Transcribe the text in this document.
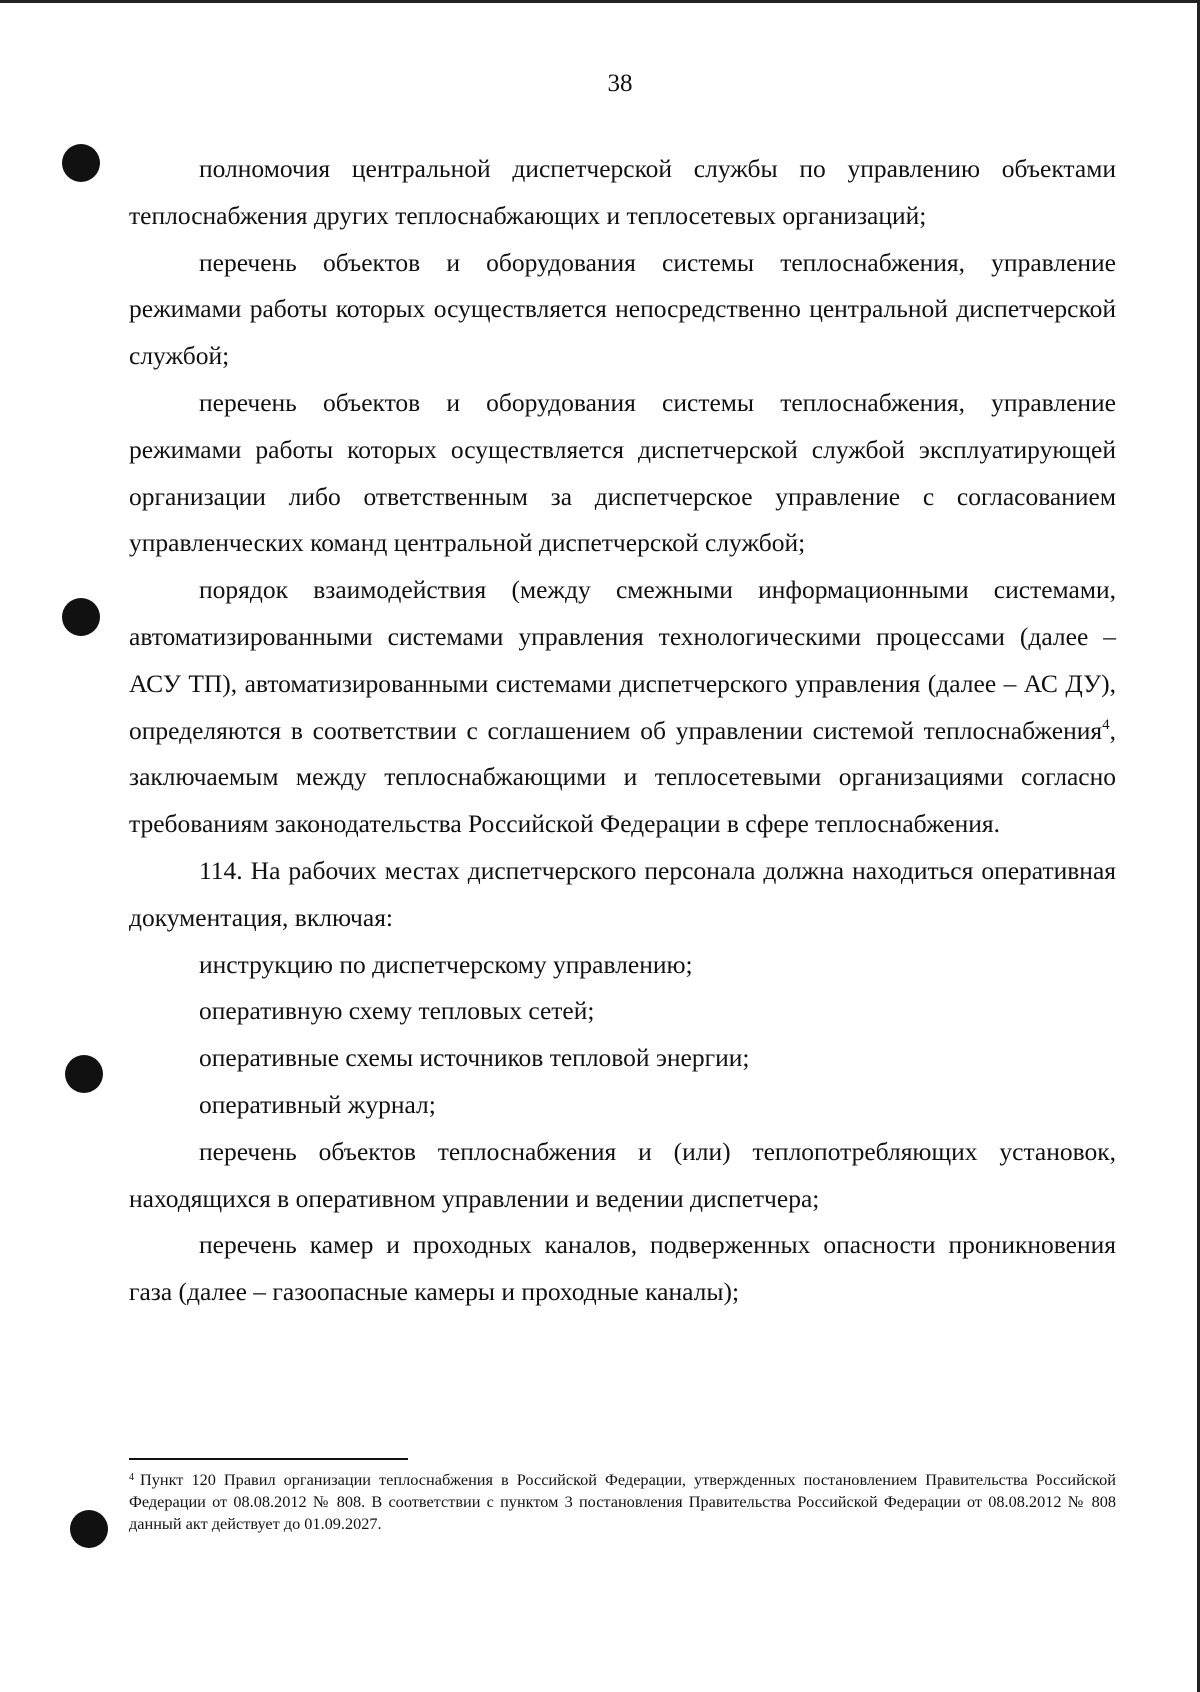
38

полномочия центральной диспетчерской службы по управлению объектами теплоснабжения других теплоснабжающих и теплосетевых организаций;

перечень объектов и оборудования системы теплоснабжения, управление режимами работы которых осуществляется непосредственно центральной диспетчерской службой;

перечень объектов и оборудования системы теплоснабжения, управление режимами работы которых осуществляется диспетчерской службой эксплуатирующей организации либо ответственным за диспетчерское управление с согласованием управленческих команд центральной диспетчерской службой;

порядок взаимодействия (между смежными информационными системами, автоматизированными системами управления технологическими процессами (далее – АСУ ТП), автоматизированными системами диспетчерского управления (далее – АС ДУ), определяются в соответствии с соглашением об управлении системой теплоснабжения$^4$, заключаемым между теплоснабжающими и теплосетевыми организациями согласно требованиям законодательства Российской Федерации в сфере теплоснабжения.

114. На рабочих местах диспетчерского персонала должна находиться оперативная документация, включая:

инструкцию по диспетчерскому управлению;

оперативную схему тепловых сетей;

оперативные схемы источников тепловой энергии;

оперативный журнал;

перечень объектов теплоснабжения и (или) теплопотребляющих установок, находящихся в оперативном управлении и ведении диспетчера;

перечень камер и проходных каналов, подверженных опасности проникновения газа (далее – газоопасные камеры и проходные каналы);

$^4$ Пункт 120 Правил организации теплоснабжения в Российской Федерации, утвержденных постановлением Правительства Российской Федерации от 08.08.2012 № 808. В соответствии с пунктом 3 постановления Правительства Российской Федерации от 08.08.2012 № 808 данный акт действует до 01.09.2027.
